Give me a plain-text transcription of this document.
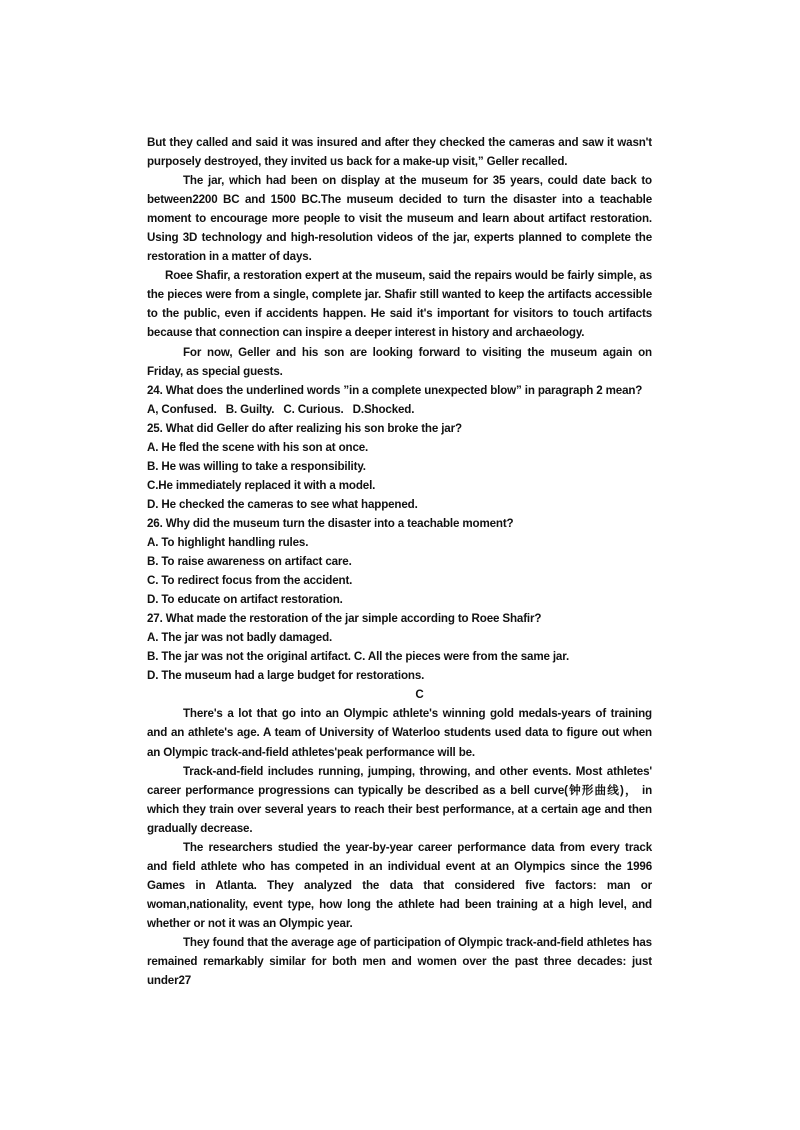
But they called and said it was insured and after they checked the cameras and saw it wasn't purposely destroyed, they invited us back for a make-up visit,” Geller recalled.

The jar, which had been on display at the museum for 35 years, could date back to between2200 BC and 1500 BC.The museum decided to turn the disaster into a teachable moment to encourage more people to visit the museum and learn about artifact restoration. Using 3D technology and high-resolution videos of the jar, experts planned to complete the restoration in a matter of days.

Roee Shafir, a restoration expert at the museum, said the repairs would be fairly simple, as the pieces were from a single, complete jar. Shafir still wanted to keep the artifacts accessible to the public, even if accidents happen. He said it's important for visitors to touch artifacts because that connection can inspire a deeper interest in history and archaeology.

For now, Geller and his son are looking forward to visiting the museum again on Friday, as special guests.

24. What does the underlined words ”in a complete unexpected blow” in paragraph 2 mean?

A, Confused. B. Guilty. C. Curious. D.Shocked.

25. What did Geller do after realizing his son broke the jar?

A. He fled the scene with his son at once.

B. He was willing to take a responsibility.

C.He immediately replaced it with a model.

D. He checked the cameras to see what happened.

26. Why did the museum turn the disaster into a teachable moment?

A. To highlight handling rules.

B. To raise awareness on artifact care.

C. To redirect focus from the accident.

D. To educate on artifact restoration.

27. What made the restoration of the jar simple according to Roee Shafir?

A. The jar was not badly damaged.

B. The jar was not the original artifact. C. All the pieces were from the same jar.

D. The museum had a large budget for restorations.

C

There's a lot that go into an Olympic athlete's winning gold medals-years of training and an athlete's age. A team of University of Waterloo students used data to figure out when an Olympic track-and-field athletes'peak performance will be.

Track-and-field includes running, jumping, throwing, and other events. Most athletes' career performance progressions can typically be described as a bell curve(钟形曲线)， in which they train over several years to reach their best performance, at a certain age and then gradually decrease.

The researchers studied the year-by-year career performance data from every track and field athlete who has competed in an individual event at an Olympics since the 1996 Games in Atlanta. They analyzed the data that considered five factors: man or woman,nationality, event type, how long the athlete had been training at a high level, and whether or not it was an Olympic year.

They found that the average age of participation of Olympic track-and-field athletes has remained remarkably similar for both men and women over the past three decades: just under27
